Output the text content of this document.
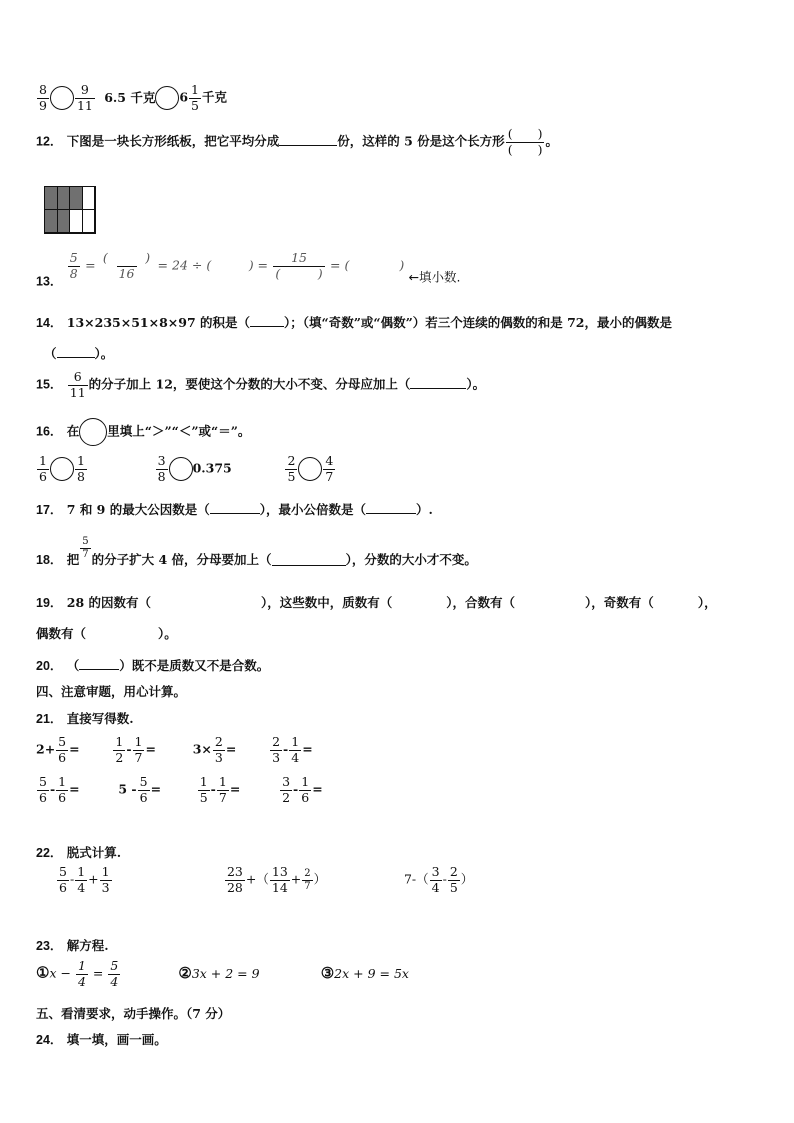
$\frac{8}{9} \frac{9}{11} 6.5$ 千克 $6 \frac{1}{5}$ 千克
12． 下图是一块长方形纸板，把它平均分成	份，这样的 5 份是这个长方形 $\frac{( )}{( )}$ 。
13．
$\frac{5}{8} = \frac{( )}{16} = 24$ ÷ (　　　) = $\frac{15}{( )}$ = (　　　　) ←填小数.
14． 13×235×51×8×97 的积是（	）；（填“奇数”或“偶数”）若三个连续的偶数的和是 72，最小的偶数是
（	）。
15． $\frac{6}{11}$ 的分子加上 12，要使这个分数的大小不变、分母应加上（	）。
16． 在 里填上“＞”“＜”或“＝”。
$\frac{1}{6} \frac{1}{8}$
	$\frac{3}{8} 0.375$	$\frac{2}{5} \frac{4}{7}$
17． 7 和 9 的最大公因数是（	），最小公倍数是（	）.
18． 把 $\frac{5}{7}$ 的分子扩大 4 倍，分母要加上（	），分数的大小才不变。
19． 28 的因数有（	），这些数中，质数有（	），合数有（	），奇数有（	），
偶数有（	）。
20． （	）既不是质数又不是合数。
四、注意审题，用心计算。
21． 直接写得数.
$2+ \frac{5}{6}$ =	$\frac{1}{2} - \frac{1}{7}$ =	$3\times \frac{2}{3}$ =	$\frac{2}{3} - \frac{1}{4}$ =
$\frac{5}{6} - \frac{1}{6}$ =	$5 - \frac{5}{6}$ =	$\frac{1}{5} - \frac{1}{7}$ =	$\frac{3}{2} - \frac{1}{6}$ =
22． 脱式计算.
$\frac{5}{6} - \frac{1}{4} + \frac{1}{3}$
	$\frac{23}{28}$ +（ $\frac{13}{14} + \frac{2}{7}$ ）	$7-( \frac{3}{4} - \frac{2}{5}$ ）
23． 解方程.
①x − $\frac{1}{4} = \frac{5}{4}$	②3x + 2 = 9	③2x + 9 = 5x
五、看清要求，动手操作。（7 分）
24． 填一填，画一画。
